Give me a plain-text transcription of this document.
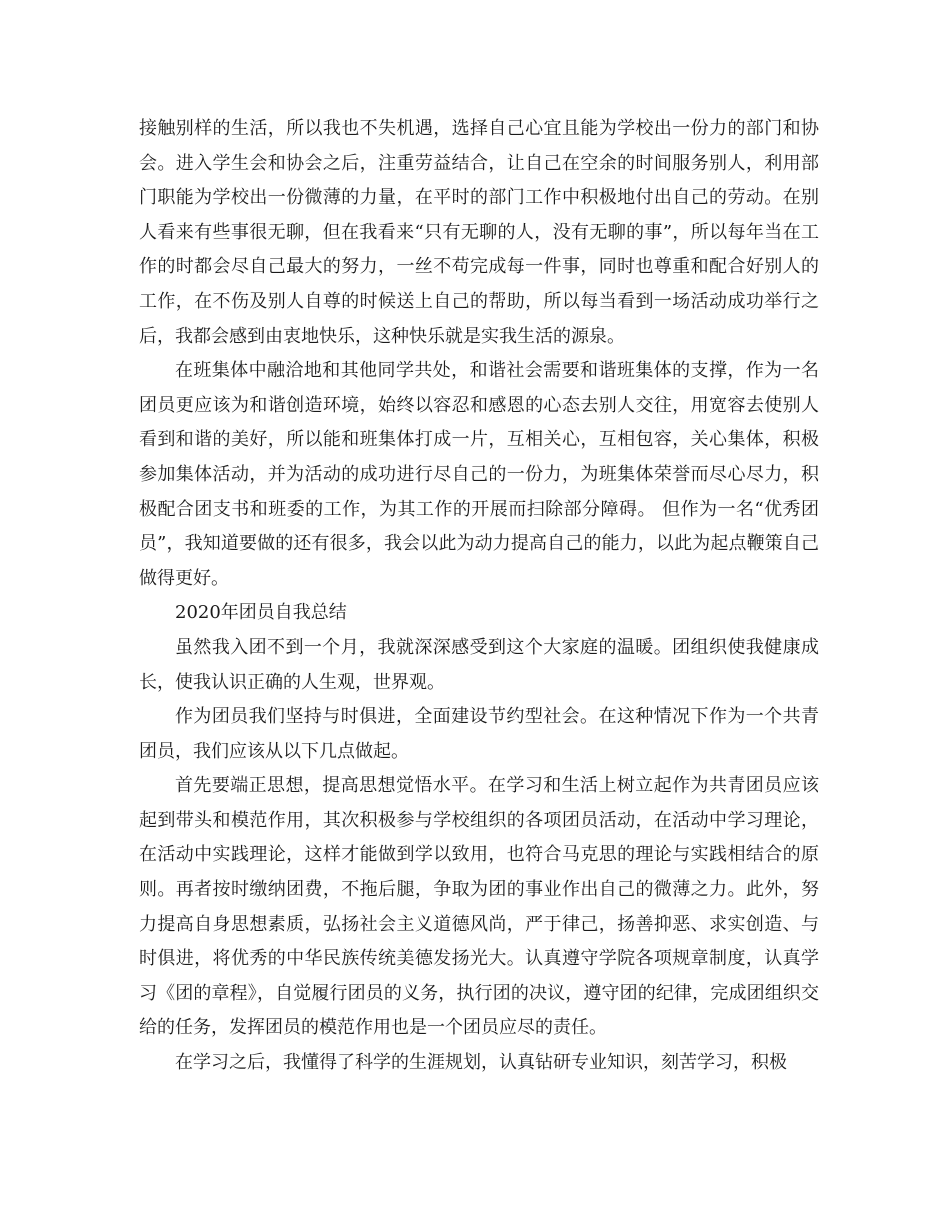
接触别样的生活，所以我也不失机遇，选择自己心宜且能为学校出一份力的部门和协会。进入学生会和协会之后，注重劳益结合，让自己在空余的时间服务别人，利用部门职能为学校出一份微薄的力量，在平时的部门工作中积极地付出自己的劳动。在别人看来有些事很无聊，但在我看来“只有无聊的人，没有无聊的事”，所以每年当在工作的时都会尽自己最大的努力，一丝不苟完成每一件事，同时也尊重和配合好别人的工作，在不伤及别人自尊的时候送上自己的帮助，所以每当看到一场活动成功举行之后，我都会感到由衷地快乐，这种快乐就是实我生活的源泉。

在班集体中融洽地和其他同学共处，和谐社会需要和谐班集体的支撑，作为一名团员更应该为和谐创造环境，始终以容忍和感恩的心态去别人交往，用宽容去使别人看到和谐的美好，所以能和班集体打成一片，互相关心，互相包容，关心集体，积极参加集体活动，并为活动的成功进行尽自己的一份力，为班集体荣誉而尽心尽力，积极配合团支书和班委的工作，为其工作的开展而扫除部分障碍。 但作为一名“优秀团员”，我知道要做的还有很多，我会以此为动力提高自己的能力，以此为起点鞭策自己做得更好。

2020年团员自我总结

虽然我入团不到一个月，我就深深感受到这个大家庭的温暖。团组织使我健康成长，使我认识正确的人生观，世界观。

作为团员我们坚持与时俱进，全面建设节约型社会。在这种情况下作为一个共青团员，我们应该从以下几点做起。

首先要端正思想，提高思想觉悟水平。在学习和生活上树立起作为共青团员应该起到带头和模范作用，其次积极参与学校组织的各项团员活动，在活动中学习理论，在活动中实践理论，这样才能做到学以致用，也符合马克思的理论与实践相结合的原则。再者按时缴纳团费，不拖后腿，争取为团的事业作出自己的微薄之力。此外，努力提高自身思想素质，弘扬社会主义道德风尚，严于律己，扬善抑恶、求实创造、与时俱进，将优秀的中华民族传统美德发扬光大。认真遵守学院各项规章制度，认真学习《团的章程》，自觉履行团员的义务，执行团的决议，遵守团的纪律，完成团组织交给的任务，发挥团员的模范作用也是一个团员应尽的责任。

在学习之后，我懂得了科学的生涯规划，认真钻研专业知识，刻苦学习，积极
